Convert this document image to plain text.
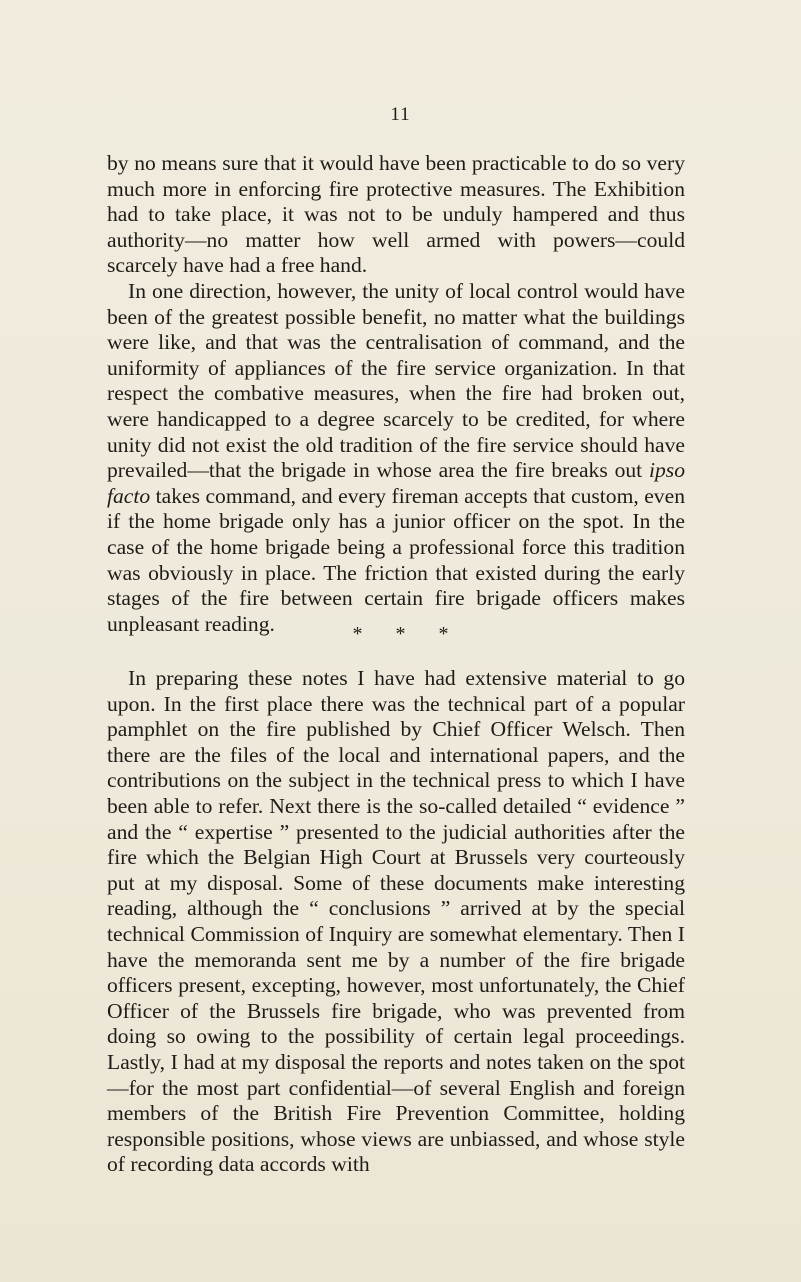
11

by no means sure that it would have been practicable to do so very much more in enforcing fire protective measures. The Exhibition had to take place, it was not to be unduly hampered and thus authority—no matter how well armed with powers—could scarcely have had a free hand.

In one direction, however, the unity of local control would have been of the greatest possible benefit, no matter what the buildings were like, and that was the centralisation of command, and the uniformity of appliances of the fire service organization. In that respect the combative measures, when the fire had broken out, were handicapped to a degree scarcely to be credited, for where unity did not exist the old tradition of the fire service should have prevailed—that the brigade in whose area the fire breaks out ipso facto takes command, and every fireman accepts that custom, even if the home brigade only has a junior officer on the spot. In the case of the home brigade being a professional force this tradition was obviously in place. The friction that existed during the early stages of the fire between certain fire brigade officers makes unpleasant reading.	* * *

In preparing these notes I have had extensive material to go upon. In the first place there was the technical part of a popular pamphlet on the fire published by Chief Officer Welsch. Then there are the files of the local and international papers, and the contributions on the subject in the technical press to which I have been able to refer. Next there is the so-called detailed “ evidence ” and the “ expertise ” presented to the judicial authorities after the fire which the Belgian High Court at Brussels very courteously put at my disposal. Some of these documents make interesting reading, although the “ conclusions ” arrived at by the special technical Commission of Inquiry are somewhat elementary. Then I have the memoranda sent me by a number of the fire brigade officers present, excepting, however, most unfortunately, the Chief Officer of the Brussels fire brigade, who was prevented from doing so owing to the possibility of certain legal proceedings. Lastly, I had at my disposal the reports and notes taken on the spot—for the most part confidential—of several English and foreign members of the British Fire Prevention Committee, holding responsible positions, whose views are unbiassed, and whose style of recording data accords with
